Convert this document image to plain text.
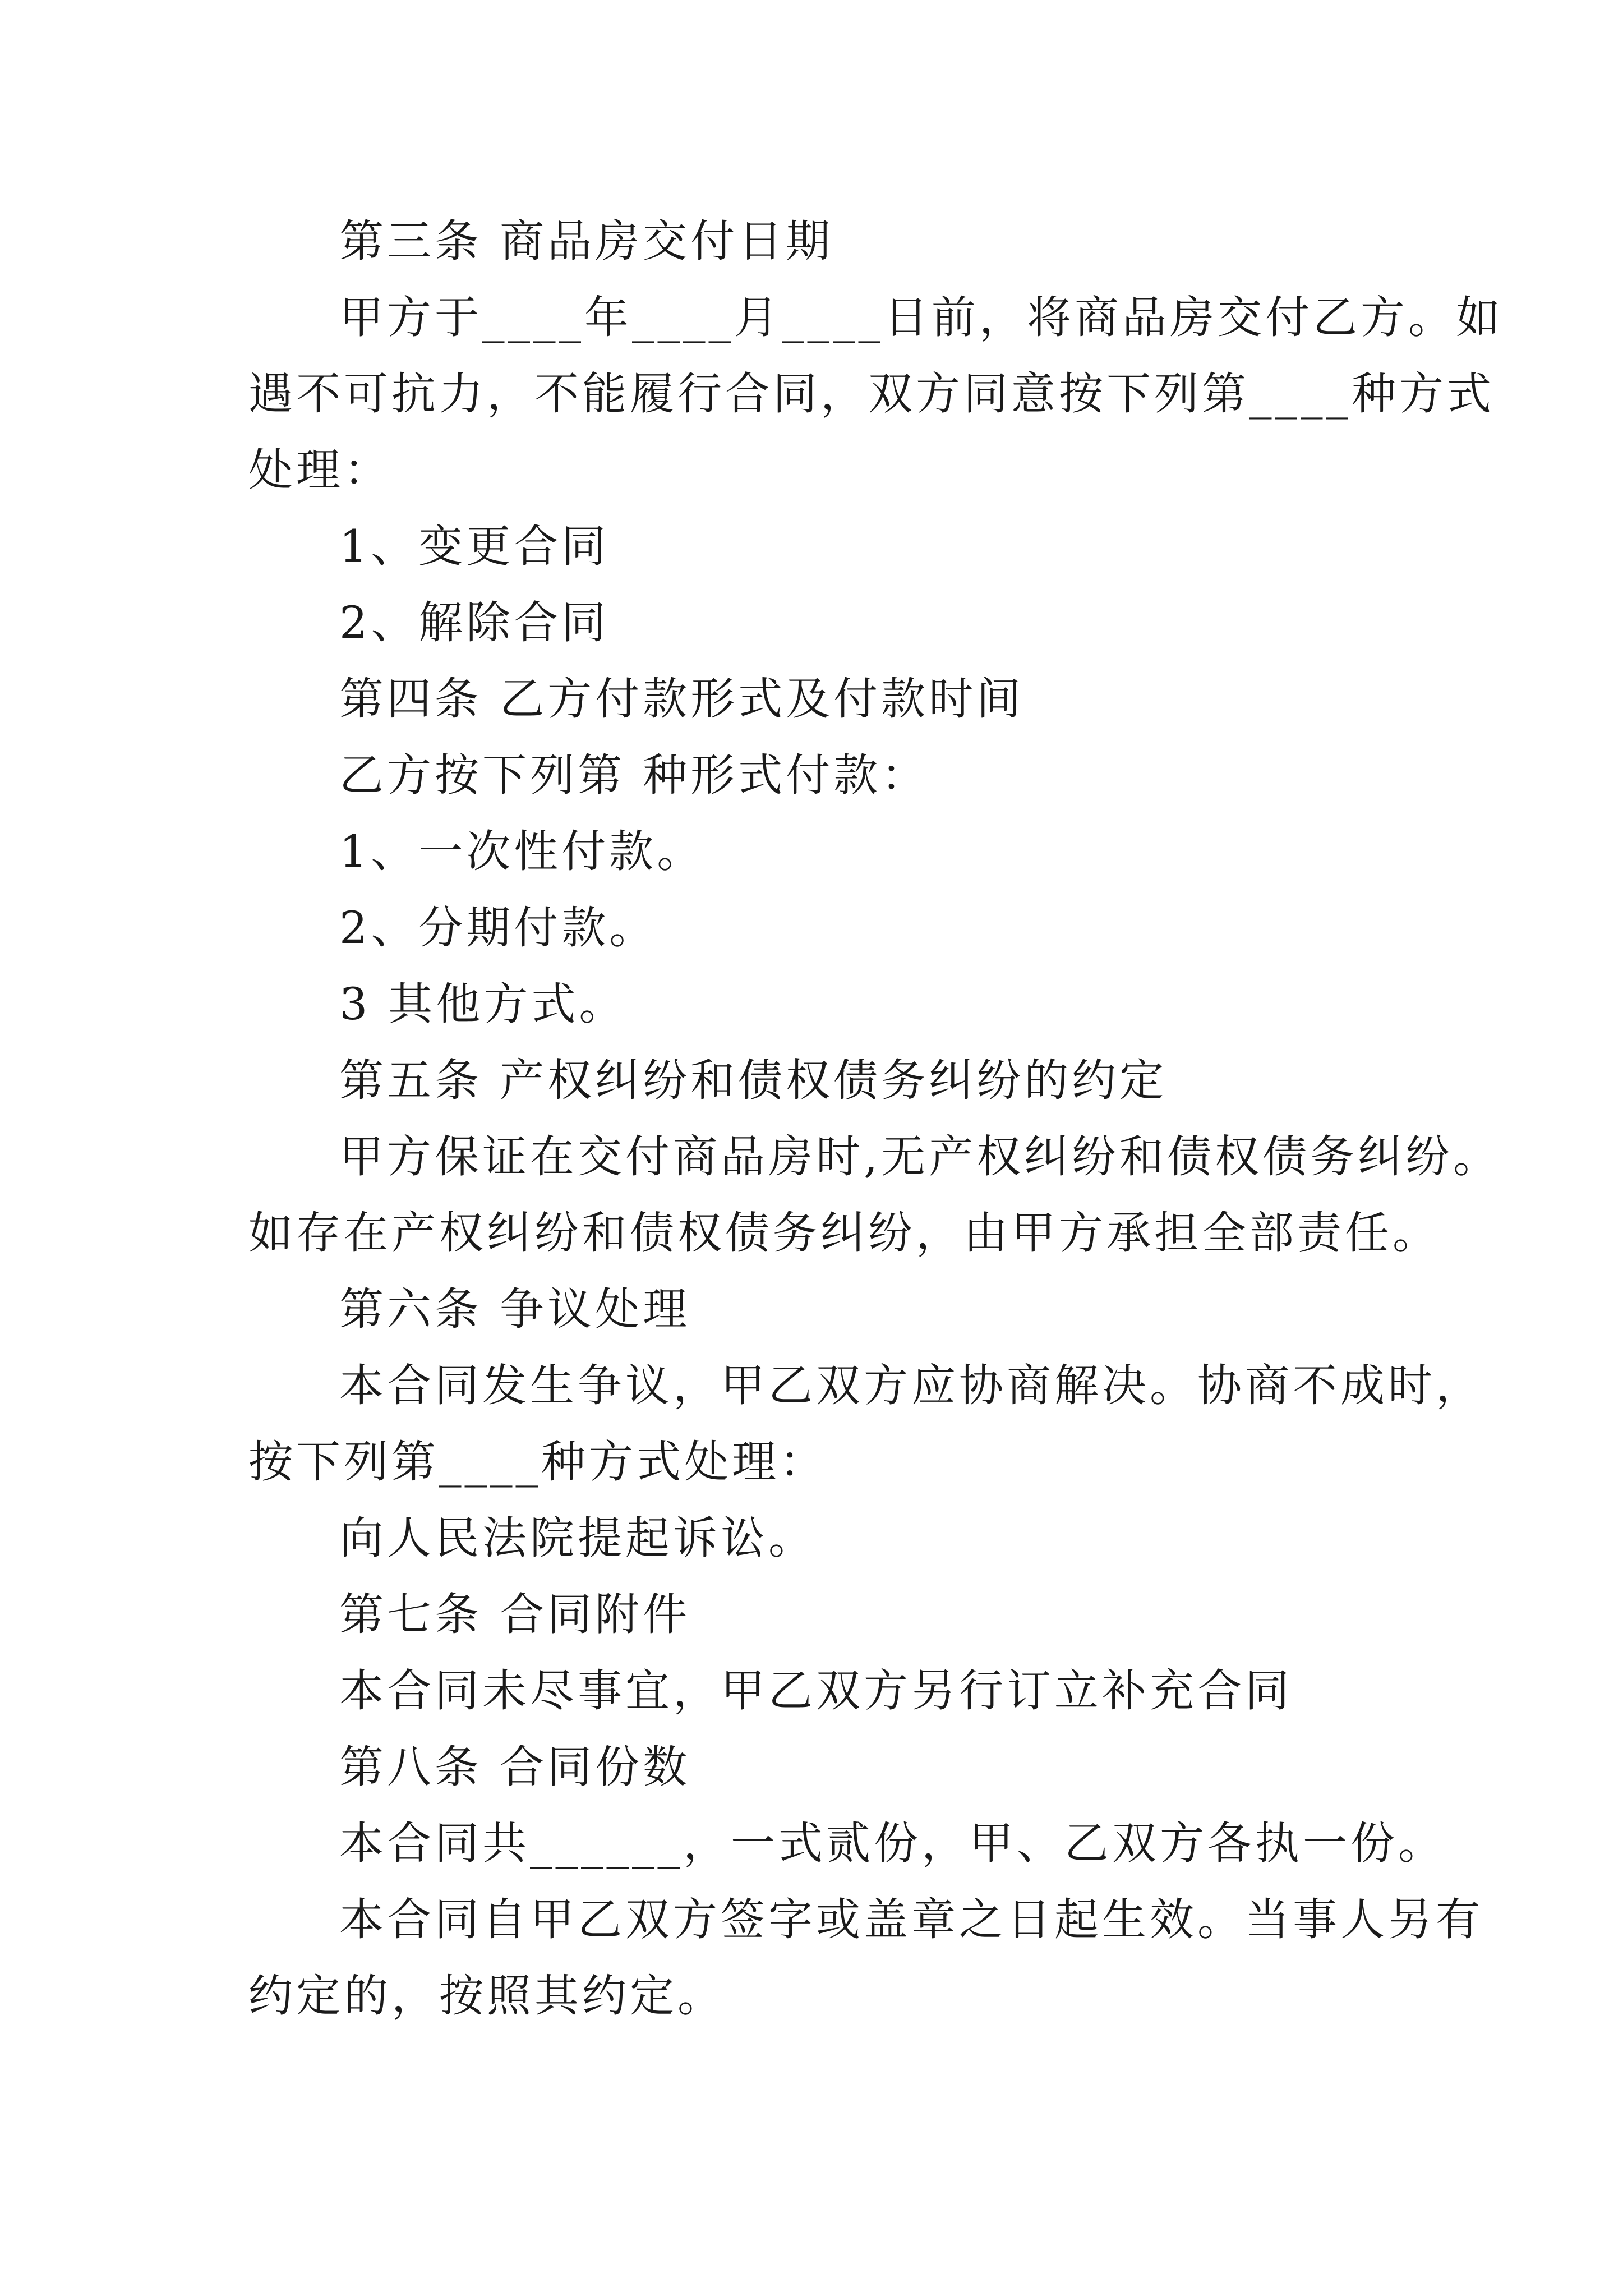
第三条 商品房交付日期
甲方于____年____月____日前，将商品房交付乙方。如
遇不可抗力，不能履行合同，双方同意按下列第____种方式
处理：
1、变更合同
2、解除合同
第四条 乙方付款形式及付款时间
乙方按下列第 种形式付款：
1、一次性付款。
2、分期付款。
3 其他方式。
第五条 产权纠纷和债权债务纠纷的约定
甲方保证在交付商品房时,无产权纠纷和债权债务纠纷。
如存在产权纠纷和债权债务纠纷，由甲方承担全部责任。
第六条 争议处理
本合同发生争议，甲乙双方应协商解决。协商不成时，
按下列第____种方式处理：
向人民法院提起诉讼。
第七条 合同附件
本合同未尽事宜，甲乙双方另行订立补充合同
第八条 合同份数
本合同共______，一式贰份，甲、乙双方各执一份。
本合同自甲乙双方签字或盖章之日起生效。当事人另有
约定的，按照其约定。
